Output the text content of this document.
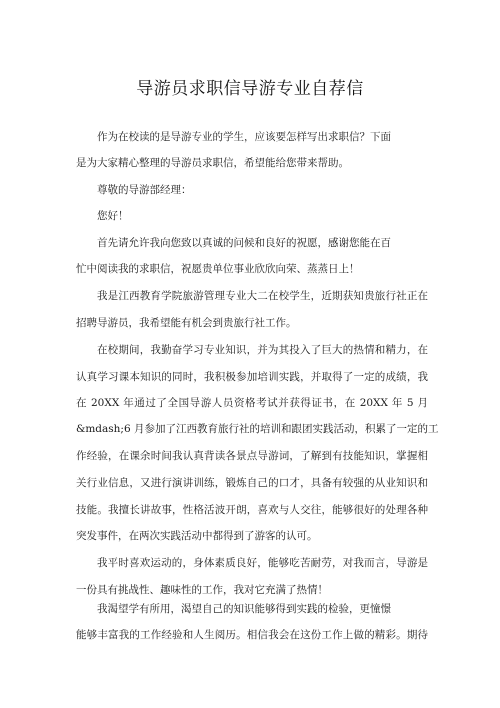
导游员求职信导游专业自荐信
作为在校读的是导游专业的学生，应该要怎样写出求职信？下面
是为大家精心整理的导游员求职信，希望能给您带来帮助。
尊敬的导游部经理：
您好！
首先请允许我向您致以真诚的问候和良好的祝愿，感谢您能在百
忙中阅读我的求职信，祝愿贵单位事业欣欣向荣、蒸蒸日上！
我是江西教育学院旅游管理专业大二在校学生，近期获知贵旅行社正在
招聘导游员，我希望能有机会到贵旅行社工作。
在校期间，我勤奋学习专业知识，并为其投入了巨大的热情和精力，在
认真学习课本知识的同时，我积极参加培训实践，并取得了一定的成绩，我
在 20XX 年通过了全国导游人员资格考试并获得证书，在 20XX 年 5 月
&mdash;6 月参加了江西教育旅行社的培训和跟团实践活动，积累了一定的工
作经验，在课余时间我认真背读各景点导游词，了解到有技能知识，掌握相
关行业信息，又进行演讲训练，锻炼自己的口才，具备有较强的从业知识和
技能。我擅长讲故事，性格活波开朗，喜欢与人交往，能够很好的处理各种
突发事件，在两次实践活动中都得到了游客的认可。
我平时喜欢运动的，身体素质良好，能够吃苦耐劳，对我而言，导游是
一份具有挑战性、趣味性的工作，我对它充满了热情！
我渴望学有所用，渴望自己的知识能够得到实践的检验，更憧憬
能够丰富我的工作经验和人生阅历。相信我会在这份工作上做的精彩。期待
